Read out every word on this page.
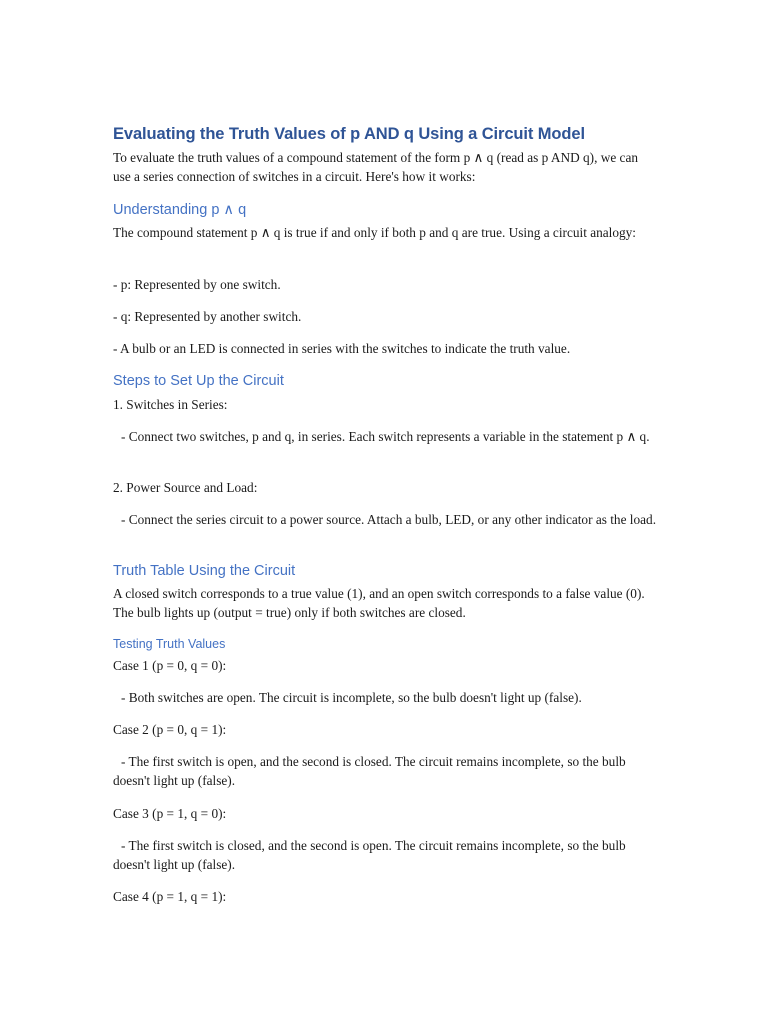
Evaluating the Truth Values of p AND q Using a Circuit Model
To evaluate the truth values of a compound statement of the form p ∧ q (read as p AND q), we can use a series connection of switches in a circuit. Here's how it works:
Understanding p ∧ q
The compound statement p ∧ q is true if and only if both p and q are true. Using a circuit analogy:
- p: Represented by one switch.
- q: Represented by another switch.
- A bulb or an LED is connected in series with the switches to indicate the truth value.
Steps to Set Up the Circuit
1. Switches in Series:
- Connect two switches, p and q, in series. Each switch represents a variable in the statement p ∧ q.
2. Power Source and Load:
- Connect the series circuit to a power source. Attach a bulb, LED, or any other indicator as the load.
Truth Table Using the Circuit
A closed switch corresponds to a true value (1), and an open switch corresponds to a false value (0). The bulb lights up (output = true) only if both switches are closed.
Testing Truth Values
Case 1 (p = 0, q = 0):
- Both switches are open. The circuit is incomplete, so the bulb doesn't light up (false).
Case 2 (p = 0, q = 1):
- The first switch is open, and the second is closed. The circuit remains incomplete, so the bulb doesn't light up (false).
Case 3 (p = 1, q = 0):
- The first switch is closed, and the second is open. The circuit remains incomplete, so the bulb doesn't light up (false).
Case 4 (p = 1, q = 1):
